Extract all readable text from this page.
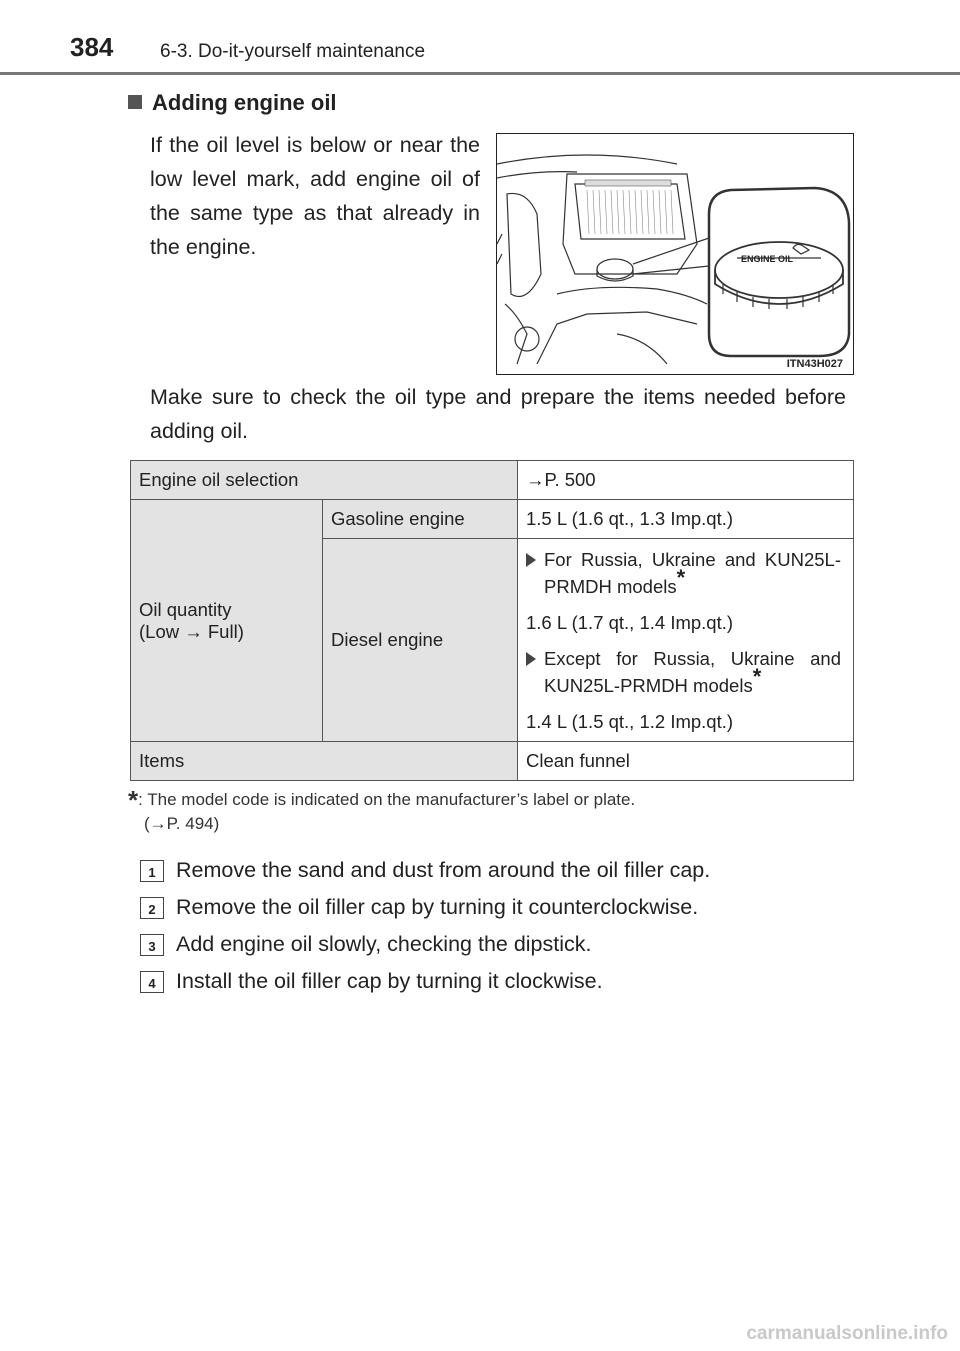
384 6-3. Do-it-yourself maintenance
Adding engine oil
If the oil level is below or near the low level mark, add engine oil of the same type as that already in the engine.	ENGINE OIL
ITN43H027
Make sure to check the oil type and prepare the items needed before adding oil.
Engine oil selection		→P. 500

Oil quantity
(Low → Full)	Gasoline engine	1.5 L (1.6 qt., 1.3 Imp.qt.)
	Diesel engine	For Russia, Ukraine and KUN25L-PRMDH models*
1.6 L (1.7 qt., 1.4 Imp.qt.)
Except for Russia, Ukraine and KUN25L-PRMDH models*
1.4 L (1.5 qt., 1.2 Imp.qt.)

Items		Clean funnel
*: The model code is indicated on the manufacturer’s label or plate.
(→P. 494)
1 Remove the sand and dust from around the oil filler cap.
2 Remove the oil filler cap by turning it counterclockwise.
3 Add engine oil slowly, checking the dipstick.
4 Install the oil filler cap by turning it clockwise.
carmanualsonline.info
